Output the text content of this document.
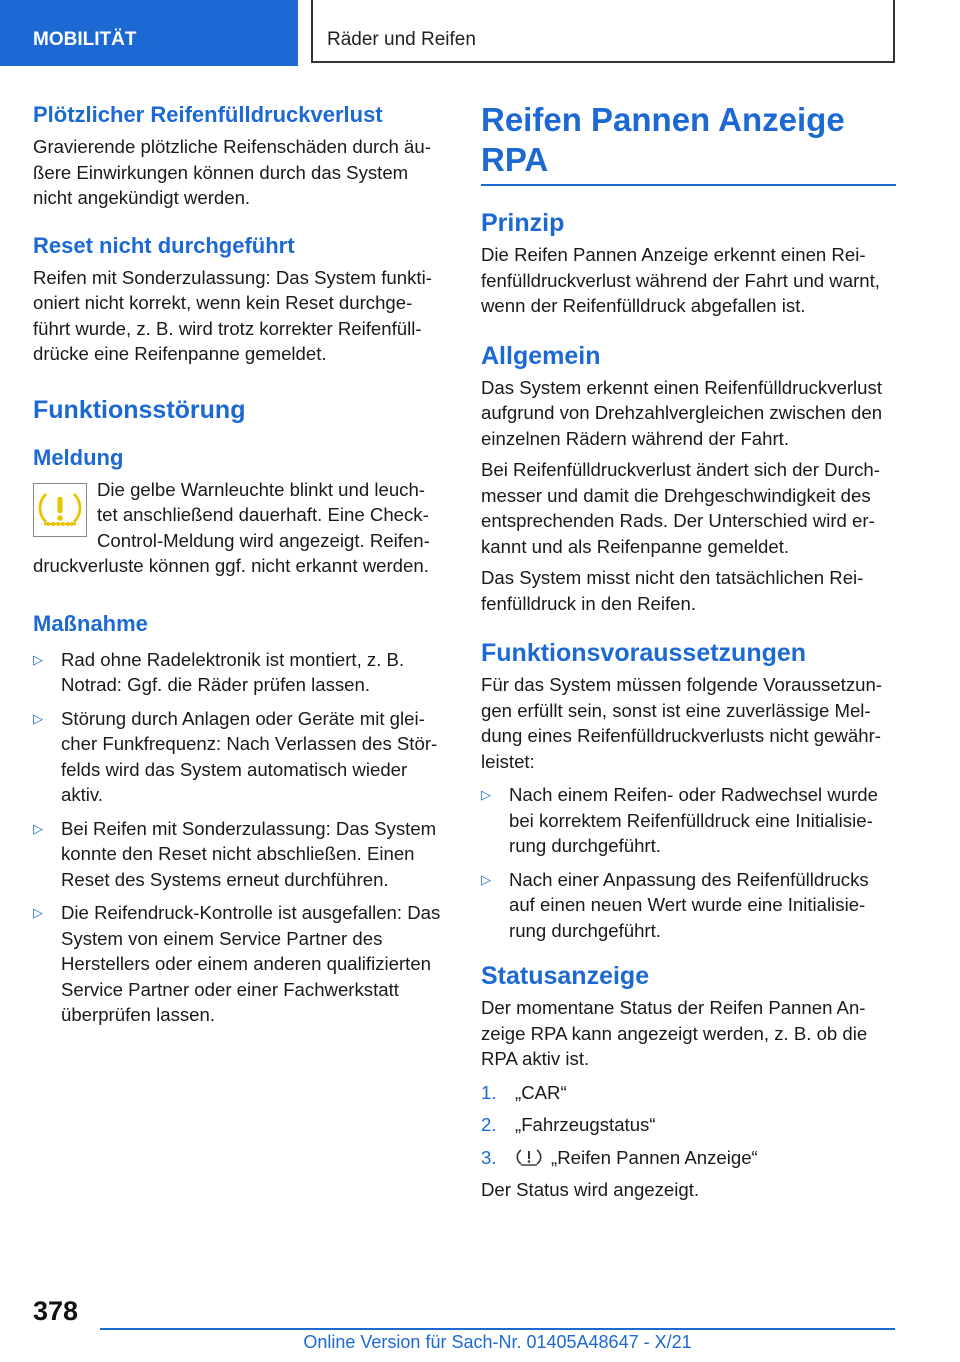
MOBILITÄT	Räder und Reifen
Plötzlicher Reifenfülldruckverlust

Gravierende plötzliche Reifenschäden durch äu- ßere Einwirkungen können durch das System nicht angekündigt werden.

Reset nicht durchgeführt

Reifen mit Sonderzulassung: Das System funkti- oniert nicht korrekt, wenn kein Reset durchge- führt wurde, z. B. wird trotz korrekter Reifenfüll- drücke eine Reifenpanne gemeldet.

Funktionsstörung
Meldung

Die gelbe Warnleuchte blinkt und leuch-
tet anschließend dauerhaft. Eine Check-
Control-Meldung wird angezeigt. Reifen-
druckverluste können ggf. nicht erkannt werden.

Maßnahme
▷ Rad ohne Radelektronik ist montiert, z. B. Notrad: Ggf. die Räder prüfen lassen.
▷ Störung durch Anlagen oder Geräte mit glei- cher Funkfrequenz: Nach Verlassen des Stör- felds wird das System automatisch wieder aktiv.
▷ Bei Reifen mit Sonderzulassung: Das System konnte den Reset nicht abschließen. Einen Reset des Systems erneut durchführen.
▷ Die Reifendruck-Kontrolle ist ausgefallen: Das System von einem Service Partner des Herstellers oder einem anderen qualifizierten Service Partner oder einer Fachwerkstatt überprüfen lassen.
Reifen Pannen Anzeige
RPA
Prinzip

Die Reifen Pannen Anzeige erkennt einen Rei- fenfülldruckverlust während der Fahrt und warnt, wenn der Reifenfülldruck abgefallen ist.

Allgemein

Das System erkennt einen Reifenfülldruckverlust aufgrund von Drehzahlvergleichen zwischen den einzelnen Rädern während der Fahrt.

Bei Reifenfülldruckverlust ändert sich der Durch- messer und damit die Drehgeschwindigkeit des entsprechenden Rads. Der Unterschied wird er- kannt und als Reifenpanne gemeldet.

Das System misst nicht den tatsächlichen Rei- fenfülldruck in den Reifen.

Funktionsvoraussetzungen

Für das System müssen folgende Voraussetzun- gen erfüllt sein, sonst ist eine zuverlässige Mel- dung eines Reifenfülldruckverlusts nicht gewähr- leistet:

▷ Nach einem Reifen- oder Radwechsel wurde bei korrektem Reifenfülldruck eine Initialisie- rung durchgeführt.
▷ Nach einer Anpassung des Reifenfülldrucks auf einen neuen Wert wurde eine Initialisie- rung durchgeführt.
Statusanzeige

Der momentane Status der Reifen Pannen An- zeige RPA kann angezeigt werden, z. B. ob die RPA aktiv ist.

1. „CAR“
2. „Fahrzeugstatus“
3.	„Reifen Pannen Anzeige“

Der Status wird angezeigt.

378
Online Version für Sach-Nr. 01405A48647 - X/21
